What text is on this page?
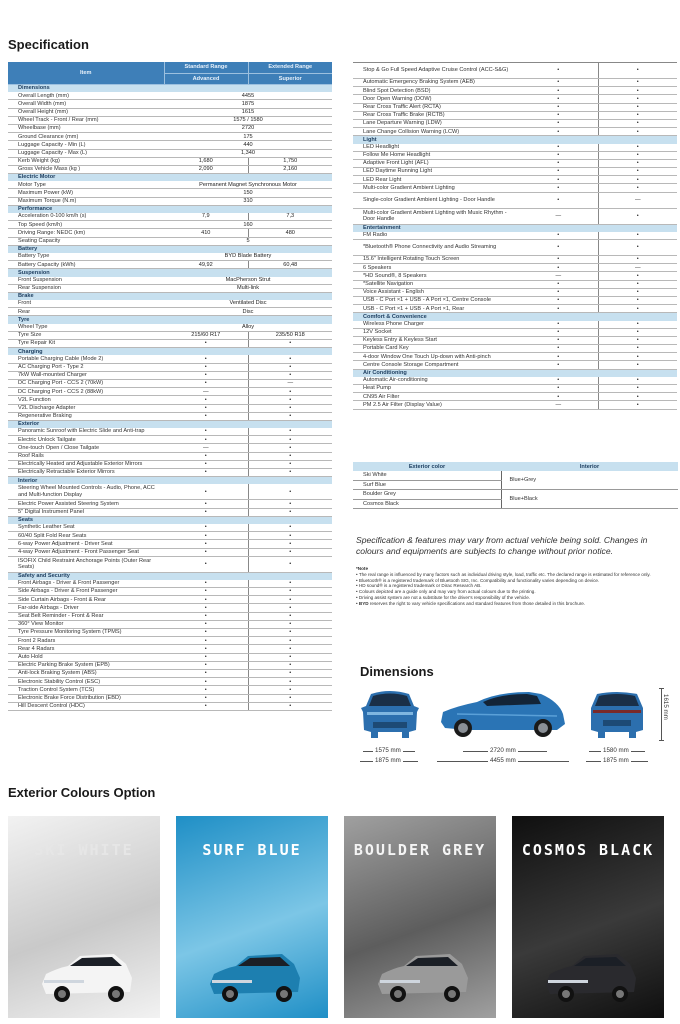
Specification
Item	Standard Range	Extended Range
	Advanced	Superior
Dimensions		
Overall Length (mm)	4455	
Overall Width (mm)	1875	
Overall Height (mm)	1615	
Wheel Track - Front / Rear (mm)	1575 / 1580	
Wheelbase (mm)	2720	
Ground Clearance (mm)	175	
Luggage Capacity - Min (L)	440	
Luggage Capacity - Max (L)	1,340	
Kerb Weight (kg)	1,680	1,750
Gross Vehicle Mass (kg )	2,090	2,160
Electric Motor		
Motor Type	Permanent Magnet Synchronous Motor	
Maximum Power (kW)	150	
Maximum Torque (N.m)	310	
Performance		
Acceleration 0-100 km/h (s)	7,9	7,3
Top Speed (km/h)	160	
Driving Range: NEDC (km)	410	480
Seating Capacity	5	
Battery		
Battery Type	BYD Blade Battery	
Battery Capacity (kWh)	49,92	60,48
Suspension		
Front Suspension	MacPherson Strut	
Rear Suspension	Multi-link	
Brake		
Front	Ventilated Disc	
Rear	Disc	
Tyre		
Wheel Type	Alloy	
Tyre Size	215/60 R17	235/50 R18
Tyre Repair Kit	•	•
Charging		
Portable Charging Cable (Mode 2)	•	•
AC Charging Port - Type 2	•	•
7kW Wall-mounted Charger	•	•
DC Charging Port - CCS 2 (70kW)	•	—
DC Charging Port - CCS 2 (88kW)	—	•
V2L Function	•	•
V2L Discharge Adapter	•	•
Regenerative Braking	•	•
Exterior		
Panoramic Sunroof with Electric Slide and Anti-trap	•	•
Electric Unlock Tailgate	•	•
One-touch Open / Close Tailgate	—	•
Roof Rails	•	•
Electrically Heated and Adjustable Exterior Mirrors	•	•
Electrically Retractable Exterior Mirrors	•	•
Interior		
Steering Wheel Mounted Controls - Audio, Phone, ACC and Multi-function Display	•	•
Electric Power Assisted Steering System	•	•
5" Digital Instrument Panel	•	•
Seats		
Synthetic Leather Seat	•	•
60/40 Split Fold Rear Seats	•	•
6-way Power Adjustment - Driver Seat	•	•
4-way Power Adjustment - Front Passenger Seat	•	•
ISOFIX Child Restraint Anchorage Points (Outer Rear Seats)	•	•
Safety and Security		
Front Airbags - Driver & Front Passenger	•	•
Side Airbags - Driver & Front Passenger	•	•
Side Curtain Airbags - Front & Rear	•	•
Far-side Airbags - Driver	•	•
Seat Belt Reminder - Front & Rear	•	•
360° View Monitor	•	•
Tyre Pressure Monitoring System (TPMS)	•	•
Front 2 Radars	•	•
Rear 4 Radars	•	•
Auto Hold	•	•
Electric Parking Brake System (EPB)	•	•
Anti-lock Braking System (ABS)	•	•
Electronic Stability Control (ESC)	•	•
Traction Control System (TCS)	•	•
Electronic Brake Force Distribution (EBD)	•	•
Hill Descent Control (HDC)	•	•
Stop & Go Full Speed Adaptive Cruise Control (ACC-S&G)	•	•
Automatic Emergency Braking System (AEB)	•	•
Blind Spot Detection (BSD)	•	•
Door Open Warning (DOW)	•	•
Rear Cross Traffic Alert (RCTA)	•	•
Rear Cross Traffic Brake (RCTB)	•	•
Lane Departure Warning (LDW)	•	•
Lane Change Collision Warning (LCW)	•	•
Light		
LED Headlight	•	•
Follow Me Home Headlight	•	•
Adaptive Front Light (AFL)	•	•
LED Daytime Running Light	•	•
LED Rear Light	•	•
Multi-color Gradient Ambient Lighting	•	•
Single-color Gradient Ambient Lighting - Door Handle	•	—
Multi-color Gradient Ambient Lighting with Music Rhythm - Door Handle	—	•
Entertainment		
FM Radio	•	•
*Bluetooth® Phone Connectivity and Audio Streaming	•	•
15.6" Intelligent Rotating Touch Screen	•	•
6 Speakers	•	—
*HD Sound®, 8 Speakers	—	•
*Satellite Navigation	•	•
Voice Assistant - English	•	•
USB - C Port ×1 + USB - A Port ×1, Centre Console	•	•
USB - C Port ×1 + USB - A Port ×1, Rear	•	•
Comfort & Convenience		
Wireless Phone Charger	•	•
12V Socket	•	•
Keyless Entry & Keyless Start	•	•
Portable Card Key	•	•
4-door Window One Touch Up-down with Anti-pinch	•	•
Centre Console Storage Compartment	•	•
Air Conditioning		
Automatic Air-conditioning	•	•
Heat Pump	•	•
CN95 Air Filter	•	•
PM 2.5 Air Filter (Display Value)	—	•
Exterior color	Interior
Ski White	Blue+Grey
Surf Blue	
Boulder Grey	Blue+Black
Cosmos Black	
Specification & features may vary from actual vehicle being sold. Changes in colours and equipments are subjects to change without prior notice.
*Note
• The real range is influenced by many factors such as individual driving style, load, traffic etc. The declared range is estimated for reference only.
• Bluetooth® is a registered trademark of Bluetooth SIG, Inc. Compatibility and functionality varies depending on device.
• HD sound® is a registered trademark or Dirac Research AB.
• Colours depicted are a guide only and may vary from actual colours due to the printing.
• Driving assist system are not a substitute for the driver's responsibility of the vehicle.
• BYD reserves the right to vary vehicle specifications and standard features from those detailed in this brochure.
Dimensions
1615 mm
1575 mm
1875 mm
2720 mm
4455 mm
1580 mm
1875 mm
Exterior Colours Option
SKI WHITE	SURF BLUE	BOULDER GREY	COSMOS BLACK
